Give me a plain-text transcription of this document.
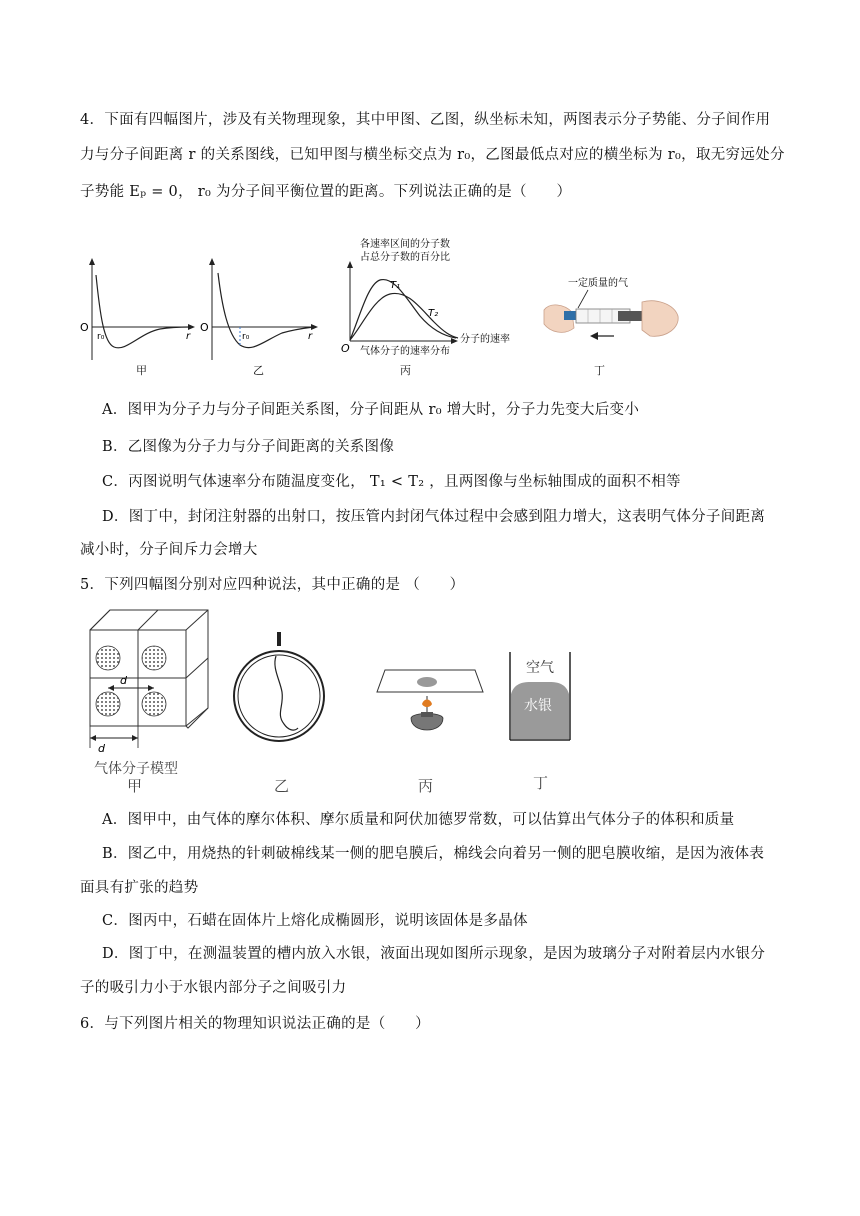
4．下面有四幅图片，涉及有关物理现象，其中甲图、乙图，纵坐标未知，两图表示分子势能、分子间作用
力与分子间距离 r 的关系图线，已知甲图与横坐标交点为 r₀，乙图最低点对应的横坐标为 r₀，取无穷远处分
子势能 Eₚ = 0， r₀ 为分子间平衡位置的距离。下列说法正确的是（　　）
O
r₀	r
甲
O
r₀	r
乙
各速率区间的分子数
占总分子数的百分比
T₁
T₂
分子的速率
O 气体分子的速率分布
丙
一定质量的气
丁
A．图甲为分子力与分子间距关系图，分子间距从 r₀ 增大时，分子力先变大后变小
B．乙图像为分子力与分子间距离的关系图像
C．丙图说明气体速率分布随温度变化， T₁ < T₂ ，且两图像与坐标轴围成的面积不相等
D．图丁中，封闭注射器的出射口，按压管内封闭气体过程中会感到阻力增大，这表明气体分子间距离
减小时，分子间斥力会增大
5．下列四幅图分别对应四种说法，其中正确的是 （　　）
d
d
气体分子模型
甲	乙	丙
空气
水银
丁
A．图甲中，由气体的摩尔体积、摩尔质量和阿伏加德罗常数，可以估算出气体分子的体积和质量
B．图乙中，用烧热的针刺破棉线某一侧的肥皂膜后，棉线会向着另一侧的肥皂膜收缩，是因为液体表
面具有扩张的趋势
C．图丙中，石蜡在固体片上熔化成椭圆形，说明该固体是多晶体
D．图丁中，在测温装置的槽内放入水银，液面出现如图所示现象，是因为玻璃分子对附着层内水银分
子的吸引力小于水银内部分子之间吸引力
6．与下列图片相关的物理知识说法正确的是（　　）
